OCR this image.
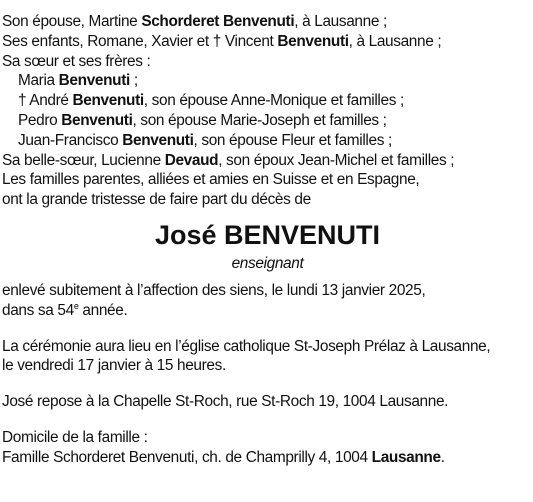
Son épouse, Martine Schorderet Benvenuti, à Lausanne ;
Ses enfants, Romane, Xavier et † Vincent Benvenuti, à Lausanne ;
Sa sœur et ses frères :
Maria Benvenuti ;
† André Benvenuti, son épouse Anne-Monique et familles ;
Pedro Benvenuti, son épouse Marie-Joseph et familles ;
Juan-Francisco Benvenuti, son épouse Fleur et familles ;
Sa belle-sœur, Lucienne Devaud, son époux Jean-Michel et familles ;
Les familles parentes, alliées et amies en Suisse et en Espagne,
ont la grande tristesse de faire part du décès de
José BENVENUTI
enseignant
enlevé subitement à l’affection des siens, le lundi 13 janvier 2025,
dans sa 54e année.
La cérémonie aura lieu en l’église catholique St-Joseph Prélaz à Lausanne,
le vendredi 17 janvier à 15 heures.
José repose à la Chapelle St-Roch, rue St-Roch 19, 1004 Lausanne.
Domicile de la famille :
Famille Schorderet Benvenuti, ch. de Champrilly 4, 1004 Lausanne.
